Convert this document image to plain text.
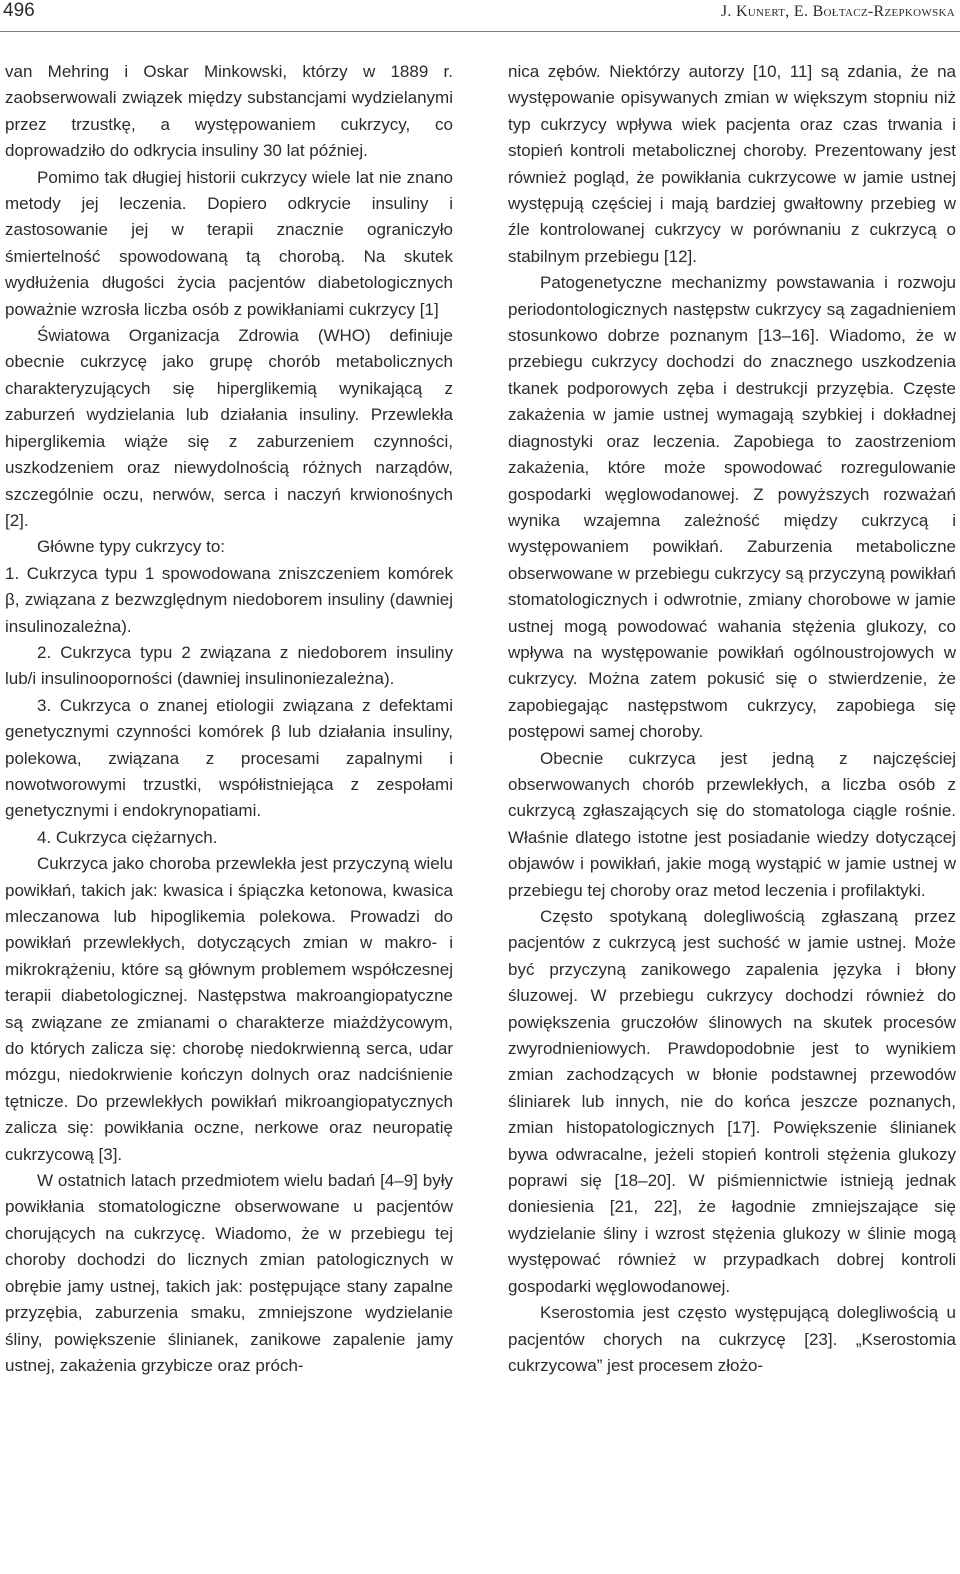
496	J. Kunert, E. Bołtacz-Rzepkowska

van Mehring i Oskar Minkowski, którzy w 1889 r. zaobserwowali związek między substancjami wydzielanymi przez trzustkę, a występowaniem cukrzycy, co doprowadziło do odkrycia insuliny 30 lat później.

Pomimo tak długiej historii cukrzycy wiele lat nie znano metody jej leczenia. Dopiero odkrycie insuliny i zastosowanie jej w terapii znacznie ograniczyło śmiertelność spowodowaną tą chorobą. Na skutek wydłużenia długości życia pacjentów diabetologicznych poważnie wzrosła liczba osób z powikłaniami cukrzycy [1]

Światowa Organizacja Zdrowia (WHO) definiuje obecnie cukrzycę jako grupę chorób metabolicznych charakteryzujących się hiperglikemią wynikającą z zaburzeń wydzielania lub działania insuliny. Przewlekła hiperglikemia wiąże się z zaburzeniem czynności, uszkodzeniem oraz niewydolnością różnych narządów, szczególnie oczu, nerwów, serca i naczyń krwionośnych [2].

Główne typy cukrzycy to:

1. Cukrzyca typu 1 spowodowana zniszczeniem komórek β, związana z bezwzględnym niedoborem insuliny (dawniej insulinozależna).

2. Cukrzyca typu 2 związana z niedoborem insuliny lub/i insulinooporności (dawniej insulinoniezależna).

3. Cukrzyca o znanej etiologii związana z defektami genetycznymi czynności komórek β lub działania insuliny, polekowa, związana z procesami zapalnymi i nowotworowymi trzustki, współistniejąca z zespołami genetycznymi i endokrynopatiami.

4. Cukrzyca ciężarnych.

Cukrzyca jako choroba przewlekła jest przyczyną wielu powikłań, takich jak: kwasica i śpiączka ketonowa, kwasica mleczanowa lub hipoglikemia polekowa. Prowadzi do powikłań przewlekłych, dotyczących zmian w makro- i mikrokrążeniu, które są głównym problemem współczesnej terapii diabetologicznej. Następstwa makroangiopatyczne są związane ze zmianami o charakterze miażdżycowym, do których zalicza się: chorobę niedokrwienną serca, udar mózgu, niedokrwienie kończyn dolnych oraz nadciśnienie tętnicze. Do przewlekłych powikłań mikroangiopatycznych zalicza się: powikłania oczne, nerkowe oraz neuropatię cukrzycową [3].

W ostatnich latach przedmiotem wielu badań [4–9] były powikłania stomatologiczne obserwowane u pacjentów chorujących na cukrzycę. Wiadomo, że w przebiegu tej choroby dochodzi do licznych zmian patologicznych w obrębie jamy ustnej, takich jak: postępujące stany zapalne przyzębia, zaburzenia smaku, zmniejszone wydzielanie śliny, powiększenie ślinianek, zanikowe zapalenie jamy ustnej, zakażenia grzybicze oraz próch-

nica zębów. Niektórzy autorzy [10, 11] są zdania, że na występowanie opisywanych zmian w większym stopniu niż typ cukrzycy wpływa wiek pacjenta oraz czas trwania i stopień kontroli metabolicznej choroby. Prezentowany jest również pogląd, że powikłania cukrzycowe w jamie ustnej występują częściej i mają bardziej gwałtowny przebieg w źle kontrolowanej cukrzycy w porównaniu z cukrzycą o stabilnym przebiegu [12].

Patogenetyczne mechanizmy powstawania i rozwoju periodontologicznych następstw cukrzycy są zagadnieniem stosunkowo dobrze poznanym [13–16]. Wiadomo, że w przebiegu cukrzycy dochodzi do znacznego uszkodzenia tkanek podporowych zęba i destrukcji przyzębia. Częste zakażenia w jamie ustnej wymagają szybkiej i dokładnej diagnostyki oraz leczenia. Zapobiega to zaostrzeniom zakażenia, które może spowodować rozregulowanie gospodarki węglowodanowej. Z powyższych rozważań wynika wzajemna zależność między cukrzycą i występowaniem powikłań. Zaburzenia metaboliczne obserwowane w przebiegu cukrzycy są przyczyną powikłań stomatologicznych i odwrotnie, zmiany chorobowe w jamie ustnej mogą powodować wahania stężenia glukozy, co wpływa na występowanie powikłań ogólnoustrojowych w cukrzycy. Można zatem pokusić się o stwierdzenie, że zapobiegając następstwom cukrzycy, zapobiega się postępowi samej choroby.

Obecnie cukrzyca jest jedną z najczęściej obserwowanych chorób przewlekłych, a liczba osób z cukrzycą zgłaszających się do stomatologa ciągle rośnie. Właśnie dlatego istotne jest posiadanie wiedzy dotyczącej objawów i powikłań, jakie mogą wystąpić w jamie ustnej w przebiegu tej choroby oraz metod leczenia i profilaktyki.

Często spotykaną dolegliwością zgłaszaną przez pacjentów z cukrzycą jest suchość w jamie ustnej. Może być przyczyną zanikowego zapalenia języka i błony śluzowej. W przebiegu cukrzycy dochodzi również do powiększenia gruczołów ślinowych na skutek procesów zwyrodnieniowych. Prawdopodobnie jest to wynikiem zmian zachodzących w błonie podstawnej przewodów śliniarek lub innych, nie do końca jeszcze poznanych, zmian histopatologicznych [17]. Powiększenie ślinianek bywa odwracalne, jeżeli stopień kontroli stężenia glukozy poprawi się [18–20]. W piśmiennictwie istnieją jednak doniesienia [21, 22], że łagodnie zmniejszające się wydzielanie śliny i wzrost stężenia glukozy w ślinie mogą występować również w przypadkach dobrej kontroli gospodarki węglowodanowej.

Kserostomia jest często występującą dolegliwością u pacjentów chorych na cukrzycę [23]. „Kserostomia cukrzycowa” jest procesem złożo-
